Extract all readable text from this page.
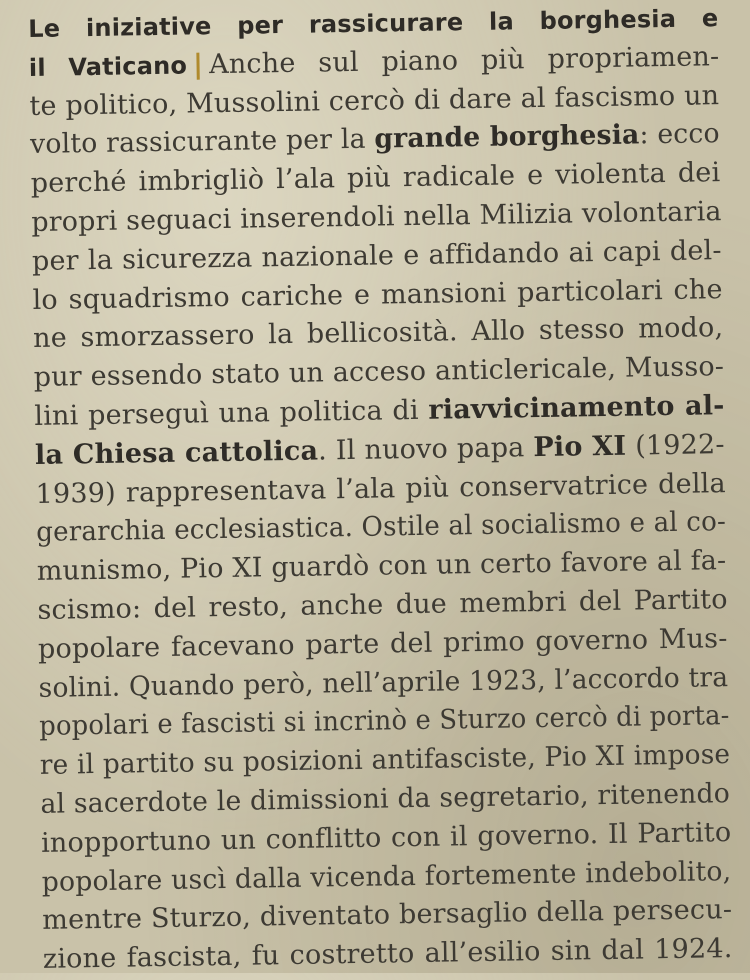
Le iniziative per rassicurare la borghesia e
il Vaticano | Anche sul piano più propriamen-
te politico, Mussolini cercò di dare al fascismo un
volto rassicurante per la grande borghesia: ecco
perché imbrigliò l’ala più radicale e violenta dei
propri seguaci inserendoli nella Milizia volontaria
per la sicurezza nazionale e affidando ai capi del-
lo squadrismo cariche e mansioni particolari che
ne smorzassero la bellicosità. Allo stesso modo,
pur essendo stato un acceso anticlericale, Musso-
lini perseguì una politica di riavvicinamento al-
la Chiesa cattolica. Il nuovo papa Pio XI (1922-
1939) rappresentava l’ala più conservatrice della
gerarchia ecclesiastica. Ostile al socialismo e al co-
munismo, Pio XI guardò con un certo favore al fa-
scismo: del resto, anche due membri del Partito
popolare facevano parte del primo governo Mus-
solini. Quando però, nell’aprile 1923, l’accordo tra
popolari e fascisti si incrinò e Sturzo cercò di porta-
re il partito su posizioni antifasciste, Pio XI impose
al sacerdote le dimissioni da segretario, ritenendo
inopportuno un conflitto con il governo. Il Partito
popolare uscì dalla vicenda fortemente indebolito,
mentre Sturzo, diventato bersaglio della persecu-
zione fascista, fu costretto all’esilio sin dal 1924.
